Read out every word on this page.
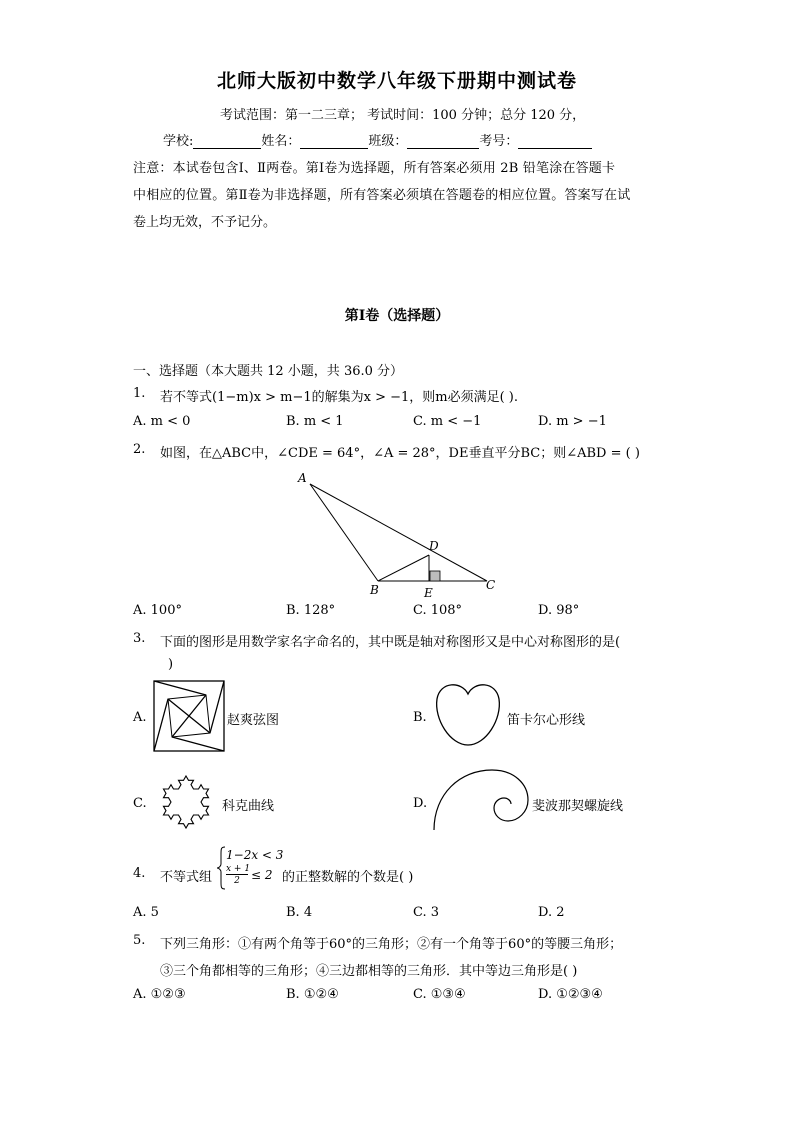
北师大版初中数学八年级下册期中测试卷
考试范围：第一二三章； 考试时间：100 分钟；总分 120 分，
学校:	姓名：	班级：	考号：
注意：本试卷包含Ⅰ、Ⅱ两卷。第Ⅰ卷为选择题，所有答案必须用 2B 铅笔涂在答题卡
中相应的位置。第Ⅱ卷为非选择题，所有答案必须填在答题卷的相应位置。答案写在试
卷上均无效，不予记分。
第Ⅰ卷（选择题）
一、选择题（本大题共 12 小题，共 36.0 分）
1. 若不等式(1−m)x > m−1的解集为x > −1，则m必须满足( ).
A. m < 0	B. m < 1	C. m < −1	D. m > −1
2. 如图，在△ABC中，∠CDE = 64°，∠A = 28°，DE垂直平分BC；则∠ABD = ( )
A
B	C
D
E
A. 100°	B. 128°	C. 108°	D. 98°
3. 下面的图形是用数学家名字命名的，其中既是轴对称图形又是中心对称图形的是(
)
A.	赵爽弦图	B.	笛卡尔心形线
C.	科克曲线	D.	斐波那契螺旋线
4. 不等式组
1−2x < 3
x + 1
2 ≤ 2 的正整数解的个数是( )
A. 5	B. 4	C. 3	D. 2
5. 下列三角形：①有两个角等于60°的三角形；②有一个角等于60°的等腰三角形；
③三个角都相等的三角形；④三边都相等的三角形．其中等边三角形是( )
A. ①②③	B. ①②④	C. ①③④	D. ①②③④
